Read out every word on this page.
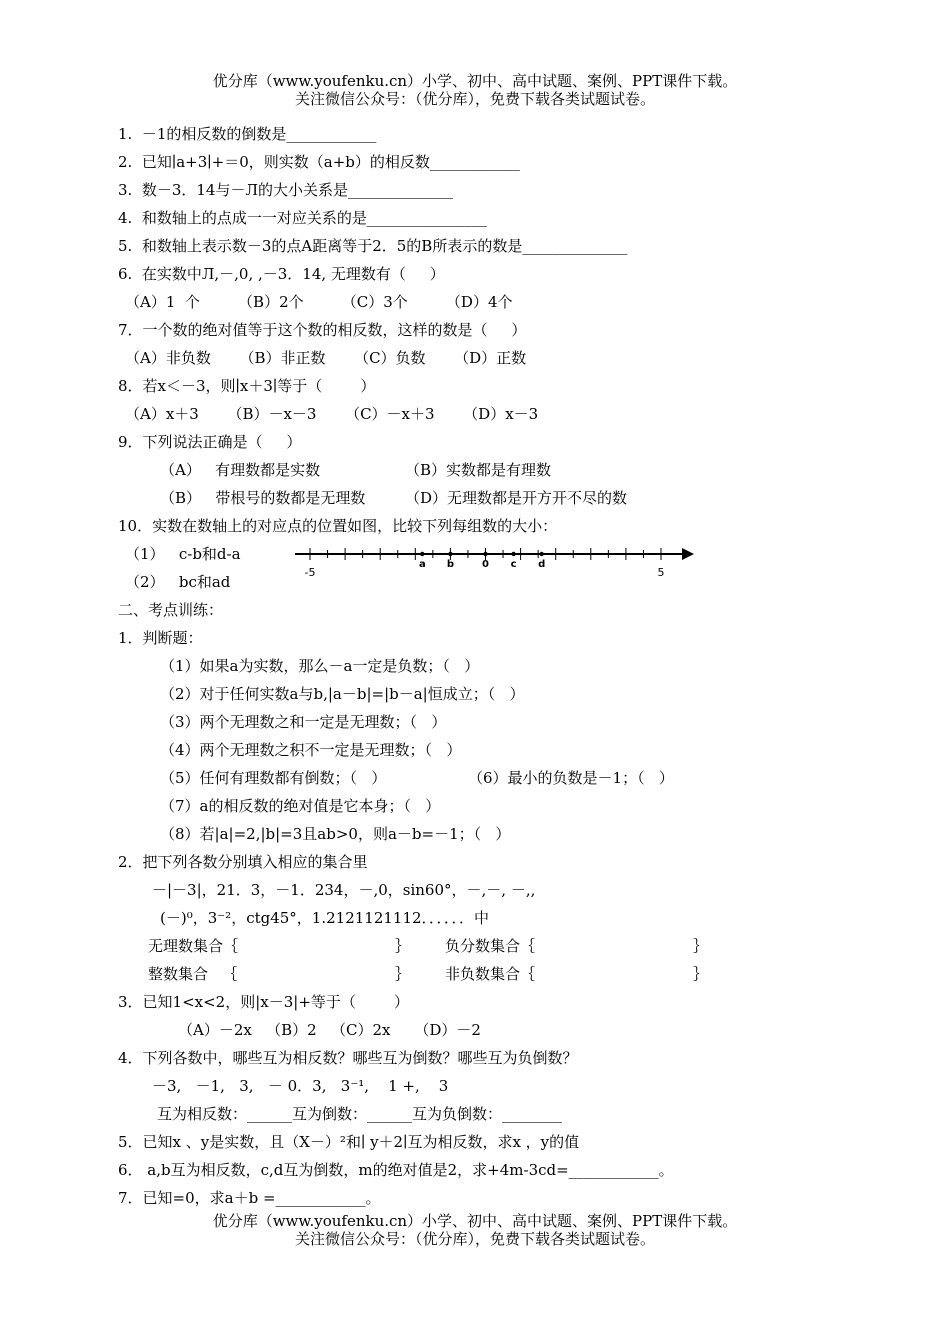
优分库（www.youfenku.cn）小学、初中、高中试题、案例、PPT课件下载。
关注微信公众号：（优分库），免费下载各类试题试卷。
1.  －1的相反数的倒数是____________
2.  已知∣a+3∣+＝0，则实数（a+b）的相反数____________
3.  数－3．14与－Л的大小关系是______________
4.  和数轴上的点成一一对应关系的是________________
5.  和数轴上表示数－3的点A距离等于2．5的B所表示的数是______________
6.  在实数中Л,－,0, ,－3．14, 无理数有（     ）
（A）1  个        （B）2个        （C）3个        （D）4个
7．一个数的绝对值等于这个数的相反数，这样的数是（     ）
（A）非负数      （B）非正数      （C）负数      （D）正数
8．若x＜－3，则∣x＋3∣等于（        ）
（A）x＋3      （B）－x－3      （C）－x＋3      （D）x－3
9．下列说法正确是（     ）
（A）   有理数都是实数	（B）实数都是有理数
（B）   带根号的数都是无理数	（D）无理数都是开方开不尽的数
10．实数在数轴上的对应点的位置如图，比较下列每组数的大小：
（1）   c-b和d-a
（2）   bc和ad
a b	0 c d
-5	5
二、考点训练：
1．判断题：
（1）如果a为实数，那么－a一定是负数；（   ）
（2）对于任何实数a与b,|a－b|=|b－a|恒成立；（   ）
（3）两个无理数之和一定是无理数；（   ）
（4）两个无理数之积不一定是无理数；（   ）
（5）任何有理数都有倒数；（   ）	（6）最小的负数是－1；（   ）
（7）a的相反数的绝对值是它本身；（   ）
（8）若|a|=2,|b|=3且ab>0，则a－b=－1；（   ）
2．把下列各数分别填入相应的集合里
－|－3|，21．3，－1．234，－,0，sin60°，－,－, －,,
(－)⁰，3⁻²，ctg45°，1.2121121112．．．．．．中
无理数集合｛	｝ 负分数集合｛	｝
整数集合   ｛	｝ 非负数集合｛	｝
3．已知1<x<2，则|x－3|+等于（        ）
（A）－2x   （B）2   （C）2x     （D）－2
4．下列各数中，哪些互为相反数？哪些互为倒数？哪些互为负倒数？
－3,   －1,   3,   － 0．3,   3⁻¹,    1 +,    3
互为相反数：______互为倒数：______互为负倒数：________
5．已知x 、y是实数，且（X－）²和∣ y＋2∣互为相反数，求x ，y的值
6． a,b互为相反数，c,d互为倒数，m的绝对值是2，求+4m-3cd=____________。
7．已知=0，求a＋b =____________。
优分库（www.youfenku.cn）小学、初中、高中试题、案例、PPT课件下载。
关注微信公众号：（优分库），免费下载各类试题试卷。
